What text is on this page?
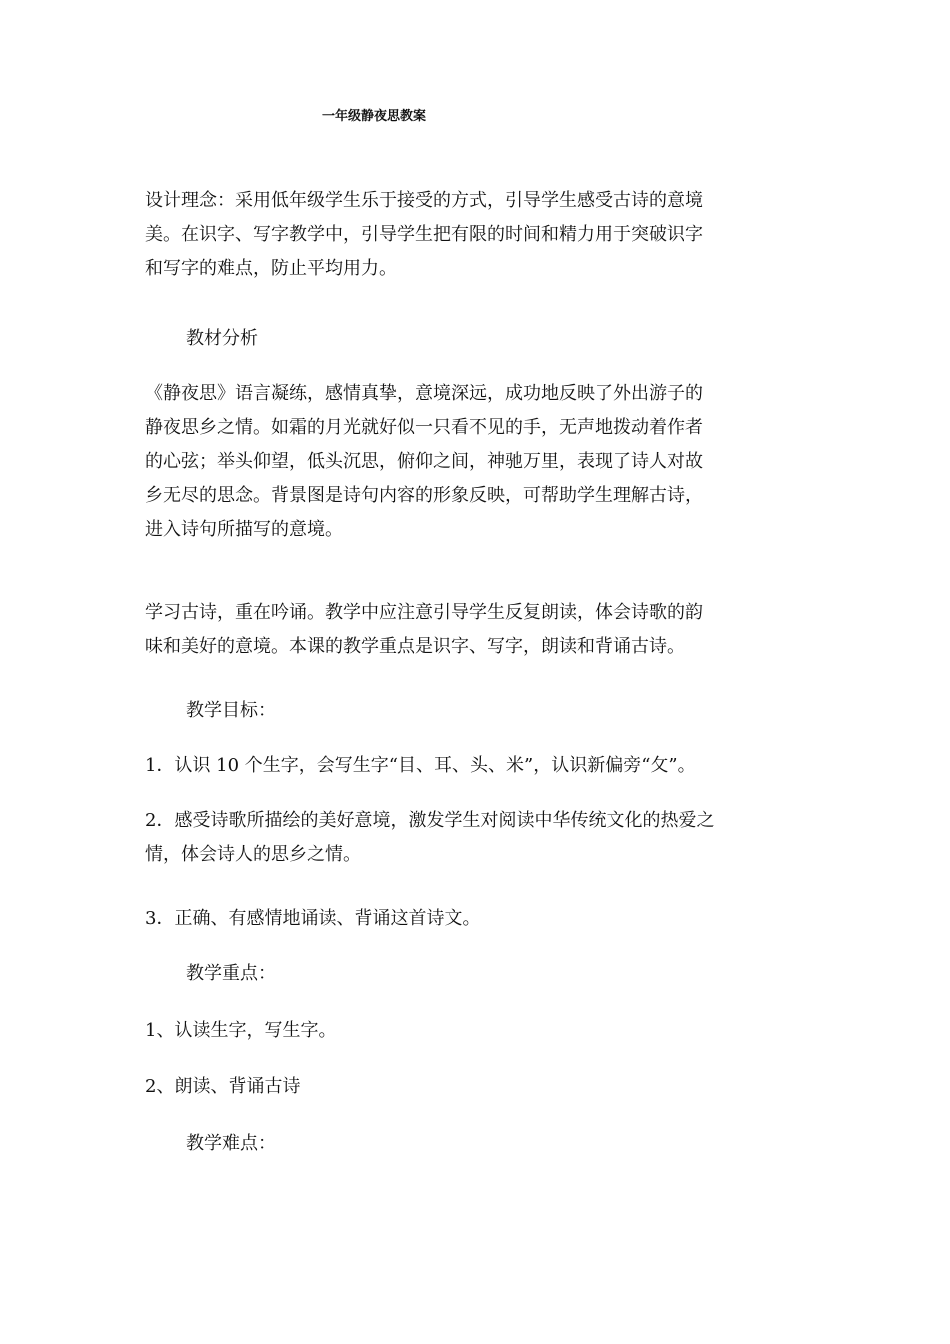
一年级静夜思教案
设计理念：采用低年级学生乐于接受的方式，引导学生感受古诗的意境
美。在识字、写字教学中，引导学生把有限的时间和精力用于突破识字
和写字的难点，防止平均用力。
教材分析
《静夜思》语言凝练，感情真挚，意境深远，成功地反映了外出游子的
静夜思乡之情。如霜的月光就好似一只看不见的手，无声地拨动着作者
的心弦；举头仰望，低头沉思，俯仰之间，神驰万里，表现了诗人对故
乡无尽的思念。背景图是诗句内容的形象反映，可帮助学生理解古诗，
进入诗句所描写的意境。
学习古诗，重在吟诵。教学中应注意引导学生反复朗读，体会诗歌的韵
味和美好的意境。本课的教学重点是识字、写字，朗读和背诵古诗。
教学目标：
1．认识 10 个生字，会写生字“目、耳、头、米”，认识新偏旁“攵”。
2．感受诗歌所描绘的美好意境，激发学生对阅读中华传统文化的热爱之
情，体会诗人的思乡之情。
3．正确、有感情地诵读、背诵这首诗文。
教学重点：
1、认读生字，写生字。
2、朗读、背诵古诗
教学难点：
